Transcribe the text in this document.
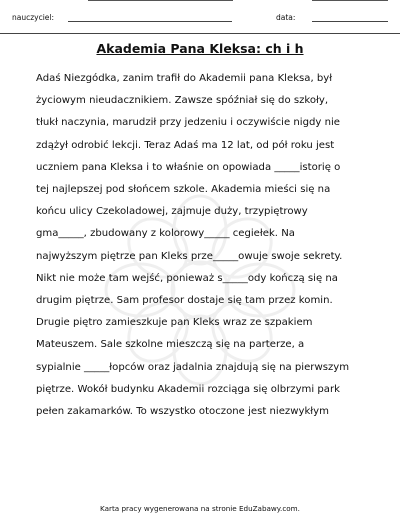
nauczyciel:	data:
Akademia Pana Kleksa: ch i h
Adaś Niezgódka, zanim trafił do Akademii pana Kleksa, był
życiowym nieudacznikiem. Zawsze spóźniał się do szkoły,
tłukł naczynia, marudził przy jedzeniu i oczywiście nigdy nie
zdążył odrobić lekcji. Teraz Adaś ma 12 lat, od pół roku jest
uczniem pana Kleksa i to właśnie on opowiada _____istorię o
tej najlepszej pod słońcem szkole. Akademia mieści się na
końcu ulicy Czekoladowej, zajmuje duży, trzypiętrowy
gma_____, zbudowany z kolorowy_____ cegiełek. Na
najwyższym piętrze pan Kleks prze_____owuje swoje sekrety.
Nikt nie może tam wejść, ponieważ s_____ody kończą się na
drugim piętrze. Sam profesor dostaje się tam przez komin.
Drugie piętro zamieszkuje pan Kleks wraz ze szpakiem
Mateuszem. Sale szkolne mieszczą się na parterze, a
sypialnie _____łopców oraz jadalnia znajdują się na pierwszym
piętrze. Wokół budynku Akademii rozciąga się olbrzymi park
pełen zakamarków. To wszystko otoczone jest niezwykłym
Karta pracy wygenerowana na stronie EduZabawy.com.
